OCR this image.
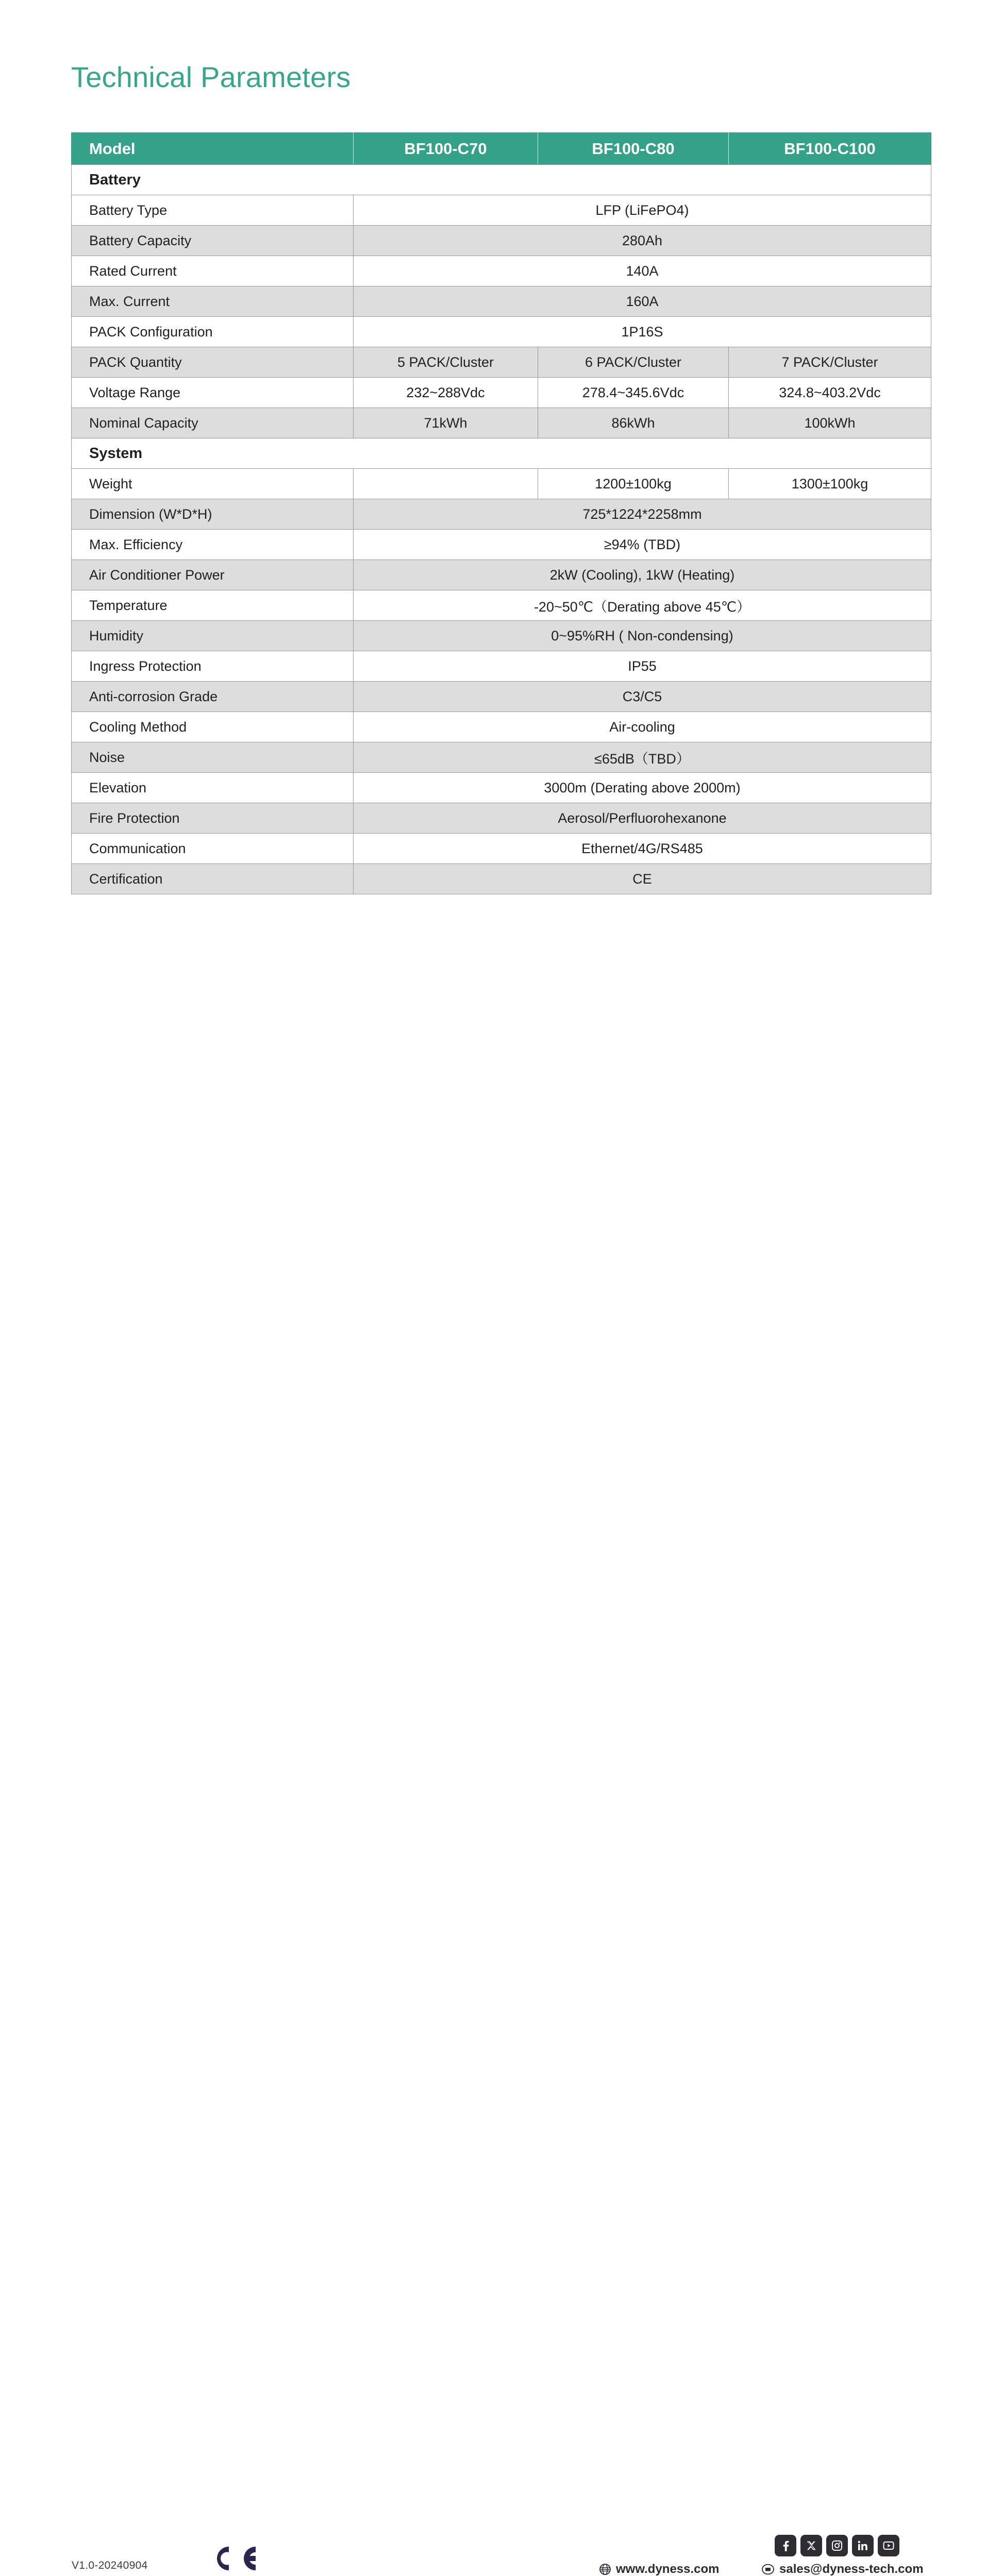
Technical Parameters
Model	BF100-C70	BF100-C80	BF100-C100
Battery			
Battery Type	LFP (LiFePO4)		
Battery Capacity	280Ah		
Rated Current	140A		
Max. Current	160A		
PACK Configuration	1P16S		
PACK Quantity	5 PACK/Cluster	6 PACK/Cluster	7 PACK/Cluster
Voltage Range	232~288Vdc	278.4~345.6Vdc	324.8~403.2Vdc
Nominal Capacity	71kWh	86kWh	100kWh
System			
Weight		1200±100kg	1300±100kg
Dimension (W*D*H)	725*1224*2258mm		
Max. Efficiency	≥94% (TBD)		
Air Conditioner Power	2kW (Cooling), 1kW (Heating)		
Temperature	-20~50℃（Derating above 45℃）		
Humidity	0~95%RH ( Non-condensing)		
Ingress Protection	IP55		
Anti-corrosion Grade	C3/C5		
Cooling Method	Air-cooling		
Noise	≤65dB（TBD）		
Elevation	3000m (Derating above 2000m)		
Fire Protection	Aerosol/Perfluorohexanone		
Communication	Ethernet/4G/RS485		
Certification	CE		
V1.0-20240904	www.dyness.com	sales@dyness-tech.com
